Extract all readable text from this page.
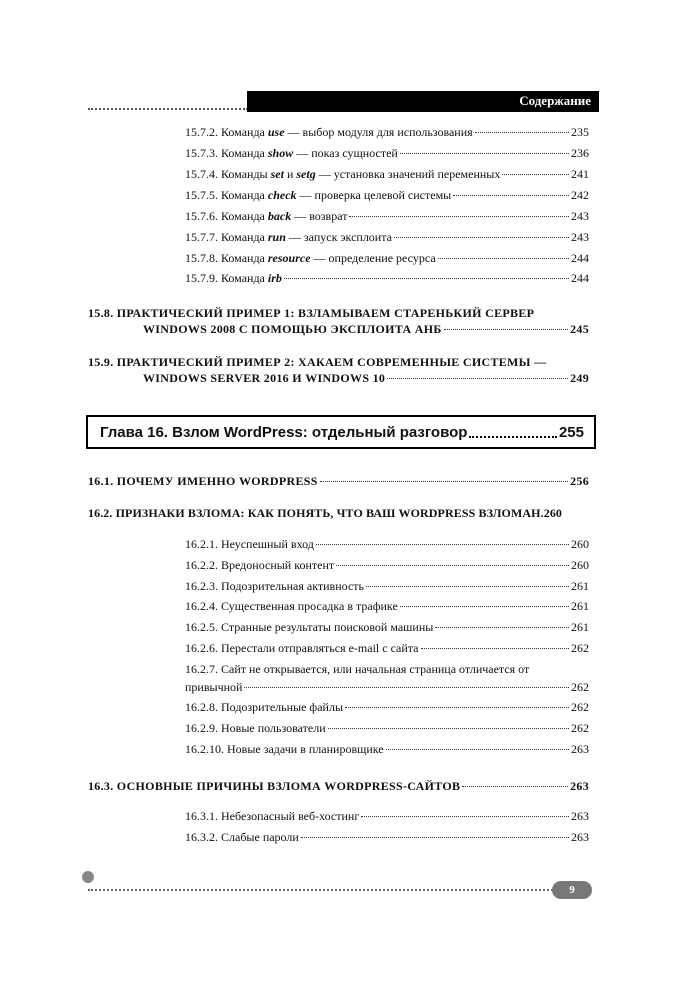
Содержание
15.7.2. Команда use — выбор модуля для использования	235
15.7.3. Команда show — показ сущностей	236
15.7.4. Команды set и setg — установка значений переменных	241
15.7.5. Команда check — проверка целевой системы	242
15.7.6. Команда back — возврат	243
15.7.7. Команда run — запуск эксплоита	243
15.7.8. Команда resource — определение ресурса	244
15.7.9. Команда irb	244
15.8. ПРАКТИЧЕСКИЙ ПРИМЕР 1: ВЗЛАМЫВАЕМ СТАРЕНЬКИЙ СЕРВЕР
WINDOWS 2008 С ПОМОЩЬЮ ЭКСПЛОИТА АНБ	245
15.9. ПРАКТИЧЕСКИЙ ПРИМЕР 2: ХАКАЕМ СОВРЕМЕННЫЕ СИСТЕМЫ —
WINDOWS SERVER 2016 И WINDOWS 10	249
Глава 16. Взлом WordPress: отдельный разговор	255
16.1. ПОЧЕМУ ИМЕННО WORDPRESS	256
16.2. ПРИЗНАКИ ВЗЛОМА: КАК ПОНЯТЬ, ЧТО ВАШ WORDPRESS ВЗЛОМАН .260
16.2.1. Неуспешный вход	260
16.2.2. Вредоносный контент	260
16.2.3. Подозрительная активность	261
16.2.4. Существенная просадка в трафике	261
16.2.5. Странные результаты поисковой машины	261
16.2.6. Перестали отправляться e-mail с сайта	262
16.2.7. Сайт не открывается, или начальная страница отличается от
привычной	262
16.2.8. Подозрительные файлы	262
16.2.9. Новые пользователи	262
16.2.10. Новые задачи в планировщике	263
16.3. ОСНОВНЫЕ ПРИЧИНЫ ВЗЛОМА WORDPRESS-САЙТОВ	263
16.3.1. Небезопасный веб-хостинг	263
16.3.2. Слабые пароли	263
9
